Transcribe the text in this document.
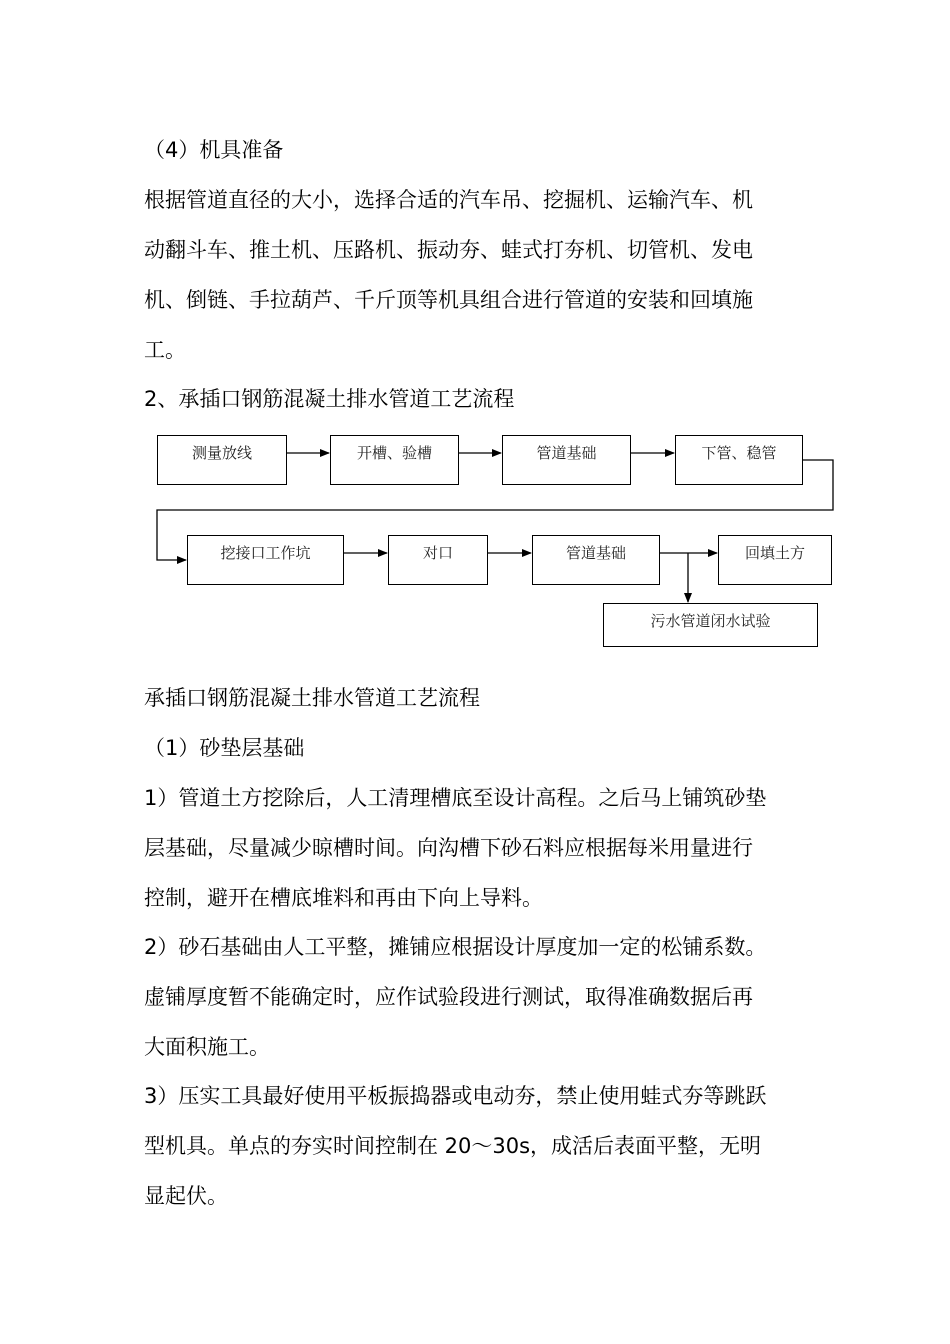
（4）机具准备
根据管道直径的大小，选择合适的汽车吊、挖掘机、运输汽车、机
动翻斗车、推土机、压路机、振动夯、蛙式打夯机、切管机、发电
机、倒链、手拉葫芦、千斤顶等机具组合进行管道的安装和回填施
工。
2、承插口钢筋混凝土排水管道工艺流程
测量放线	开槽、验槽	管道基础	下管、稳管
挖接口工作坑	对口	管道基础	回填土方
污水管道闭水试验
承插口钢筋混凝土排水管道工艺流程
（1）砂垫层基础
1）管道土方挖除后，人工清理槽底至设计高程。之后马上铺筑砂垫
层基础，尽量减少晾槽时间。向沟槽下砂石料应根据每米用量进行
控制，避开在槽底堆料和再由下向上导料。
2）砂石基础由人工平整，摊铺应根据设计厚度加一定的松铺系数。
虚铺厚度暂不能确定时，应作试验段进行测试，取得准确数据后再
大面积施工。
3）压实工具最好使用平板振捣器或电动夯，禁止使用蛙式夯等跳跃
型机具。单点的夯实时间控制在 20～30s，成活后表面平整，无明
显起伏。
